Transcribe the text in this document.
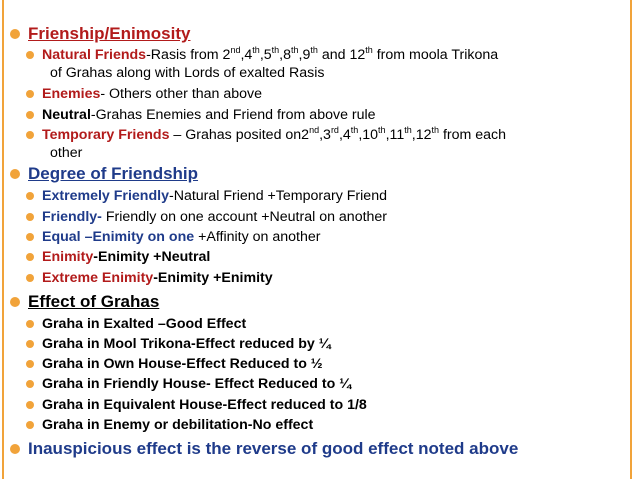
Frienship/Enimosity
Natural Friends-Rasis from 2nd,4th,5th,8th,9th and 12th from moola Trikona
of Grahas along with Lords of exalted Rasis
Enemies- Others other than above
Neutral-Grahas Enemies and Friend from above rule
Temporary Friends – Grahas posited on2nd,3rd,4th,10th,11th,12th from each
other
Degree of Friendship
Extremely Friendly-Natural Friend +Temporary Friend
Friendly- Friendly on one account +Neutral on another
Equal –Enimity on one +Affinity on another
Enimity-Enimity +Neutral
Extreme Enimity-Enimity +Enimity
Effect of Grahas
Graha in Exalted –Good Effect
Graha in Mool Trikona-Effect reduced by ¼
Graha in Own House-Effect Reduced to ½
Graha in Friendly House- Effect Reduced to ¼
Graha in Equivalent House-Effect reduced to 1/8
Graha in Enemy or debilitation-No effect
Inauspicious effect is the reverse of good effect noted above
